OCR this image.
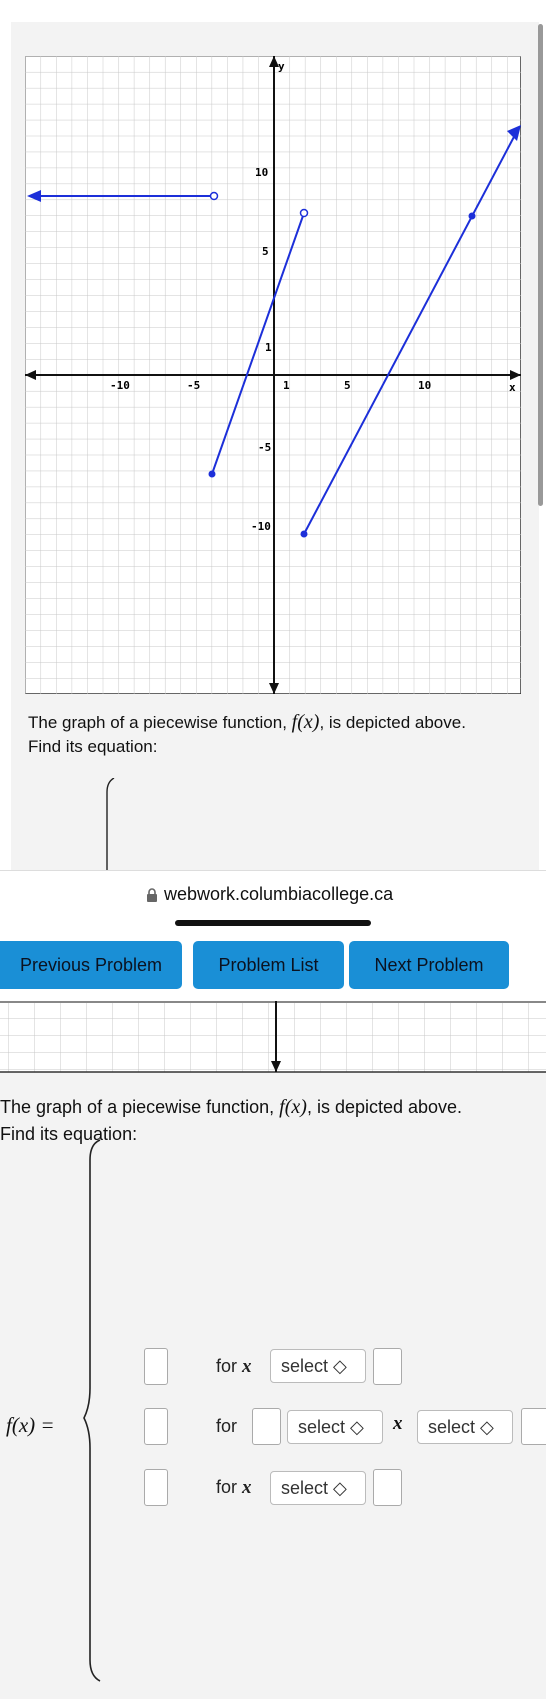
y
x
-10	-5	1	5	10
10
5
1
-5
-10
The graph of a piecewise function, f(x), is depicted above.
Find its equation:
webwork.columbiacollege.ca
Previous Problem	Problem List	Next Problem
The graph of a piecewise function, f(x), is depicted above.
Find its equation:
f(x) =
for x	select ◇
for	select ◇	x	select ◇
for x	select ◇
